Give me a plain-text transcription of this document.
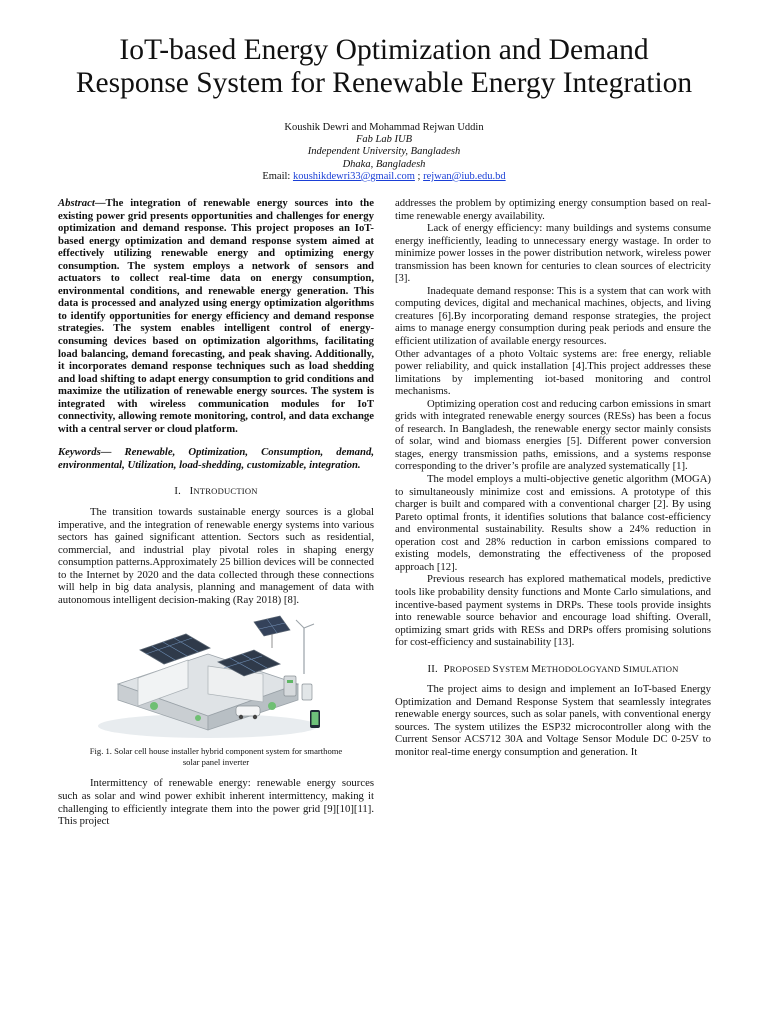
IoT-based Energy Optimization and Demand
Response System for Renewable Energy Integration
Koushik Dewri and Mohammad Rejwan Uddin
Fab Lab IUB
Independent University, Bangladesh
Dhaka, Bangladesh
Email: koushikdewri33@gmail.com ; rejwan@iub.edu.bd

Abstract—The integration of renewable energy sources into the existing power grid presents opportunities and challenges for energy optimization and demand response. This project proposes an IoT-based energy optimization and demand response system aimed at effectively utilizing renewable energy and optimizing energy consumption. The system employs a network of sensors and actuators to collect real-time data on energy consumption, environmental conditions, and renewable energy generation. This data is processed and analyzed using energy optimization algorithms to identify opportunities for energy efficiency and demand response strategies. The system enables intelligent control of energy-consuming devices based on optimization algorithms, facilitating load balancing, demand forecasting, and peak shaving. Additionally, it incorporates demand response techniques such as load shedding and load shifting to adapt energy consumption to grid conditions and maximize the utilization of renewable energy sources. The system is integrated with wireless communication modules for IoT connectivity, allowing remote monitoring, control, and data exchange with a central server or cloud platform.

Keywords— Renewable, Optimization, Consumption, demand, environmental, Utilization, load-shedding, customizable, integration.

I. INTRODUCTION

The transition towards sustainable energy sources is a global imperative, and the integration of renewable energy systems into various sectors has gained significant attention. Sectors such as residential, commercial, and industrial play pivotal roles in shaping energy consumption patterns.Approximately 25 billion devices will be connected to the Internet by 2020 and the data collected through these connections will help in big data analysis, planning and management of data with autonomous intelligent decision-making (Ray 2018) [8].

Fig. 1. Solar cell house installer hybrid component system for smarthome solar panel inverter

Intermittency of renewable energy: renewable energy sources such as solar and wind power exhibit inherent intermittency, making it challenging to efficiently integrate them into the power grid [9][10][11]. This project

addresses the problem by optimizing energy consumption based on real-time renewable energy availability.

Lack of energy efficiency: many buildings and systems consume energy inefficiently, leading to unnecessary energy wastage. In order to minimize power losses in the power distribution network, wireless power transmission has been known for centuries to clean sources of electricity [3].

Inadequate demand response: This is a system that can work with computing devices, digital and mechanical machines, objects, and living creatures [6].By incorporating demand response strategies, the project aims to manage energy consumption during peak periods and ensure the efficient utilization of available energy resources.

Other advantages of a photo Voltaic systems are: free energy, reliable power reliability, and quick installation [4].This project addresses these limitations by implementing iot-based monitoring and control mechanisms.

Optimizing operation cost and reducing carbon emissions in smart grids with integrated renewable energy sources (RESs) has been a focus of research. In Bangladesh, the renewable energy sector mainly consists of solar, wind and biomass energies [5]. Different power conversion stages, energy transmission paths, emissions, and a systems response corresponding to the driver’s profile are analyzed systematically [1].

The model employs a multi-objective genetic algorithm (MOGA) to simultaneously minimize cost and emissions. A prototype of this charger is built and compared with a conventional charger [2]. By using Pareto optimal fronts, it identifies solutions that balance cost-efficiency and environmental sustainability. Results show a 24% reduction in operation cost and 28% reduction in carbon emissions compared to existing models, demonstrating the effectiveness of the proposed approach [12].

Previous research has explored mathematical models, predictive tools like probability density functions and Monte Carlo simulations, and incentive-based payment systems in DRPs. These tools provide insights into renewable source behavior and encourage load shifting. Overall, optimizing smart grids with RESs and DRPs offers promising solutions for cost-efficiency and sustainability [13].

II. PROPOSED SYSTEM METHODOLOGYAND SIMULATION

The project aims to design and implement an IoT-based Energy Optimization and Demand Response System that seamlessly integrates renewable energy sources, such as solar panels, with conventional energy sources. The system utilizes the ESP32 microcontroller along with the Current Sensor ACS712 30A and Voltage Sensor Module DC 0-25V to monitor real-time energy consumption and generation. It
